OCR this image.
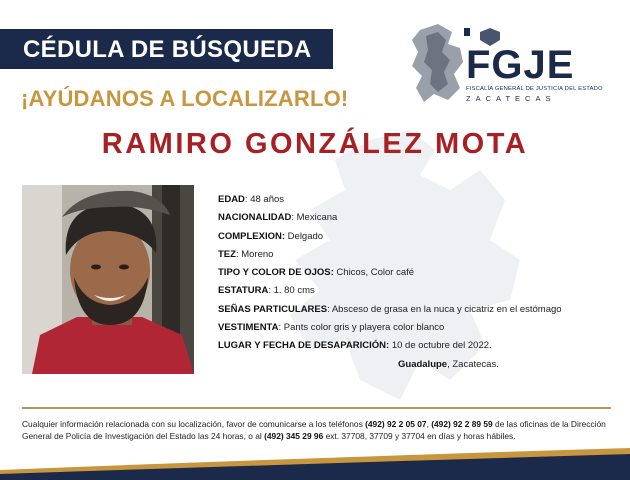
CÉDULA DE BÚSQUEDA
¡AYÚDANOS A LOCALIZARLO!
FGJE
FISCALÍA GENERAL DE JUSTICIA DEL ESTADO
ZACATECAS
RAMIRO GONZÁLEZ MOTA
EDAD: 48 años
NACIONALIDAD: Mexicana
COMPLEXION: Delgado
TEZ: Moreno
TIPO Y COLOR DE OJOS: Chicos, Color café
ESTATURA: 1. 80 cms
SEÑAS PARTICULARES: Absceso de grasa en la nuca y cicatriz en el estómago
VESTIMENTA: Pants color gris y playera color blanco
LUGAR Y FECHA DE DESAPARICIÓN: 10 de octubre del 2022.
Guadalupe, Zacatecas.
Cualquier información relacionada con su localización, favor de comunicarse a los teléfonos (492) 92 2 05 07, (492) 92 2 89 59 de las oficinas de la Dirección General de Policía de Investigación del Estado las 24 horas, o al (492) 345 29 96 ext. 37708, 37709 y 37704 en días y horas hábiles.
